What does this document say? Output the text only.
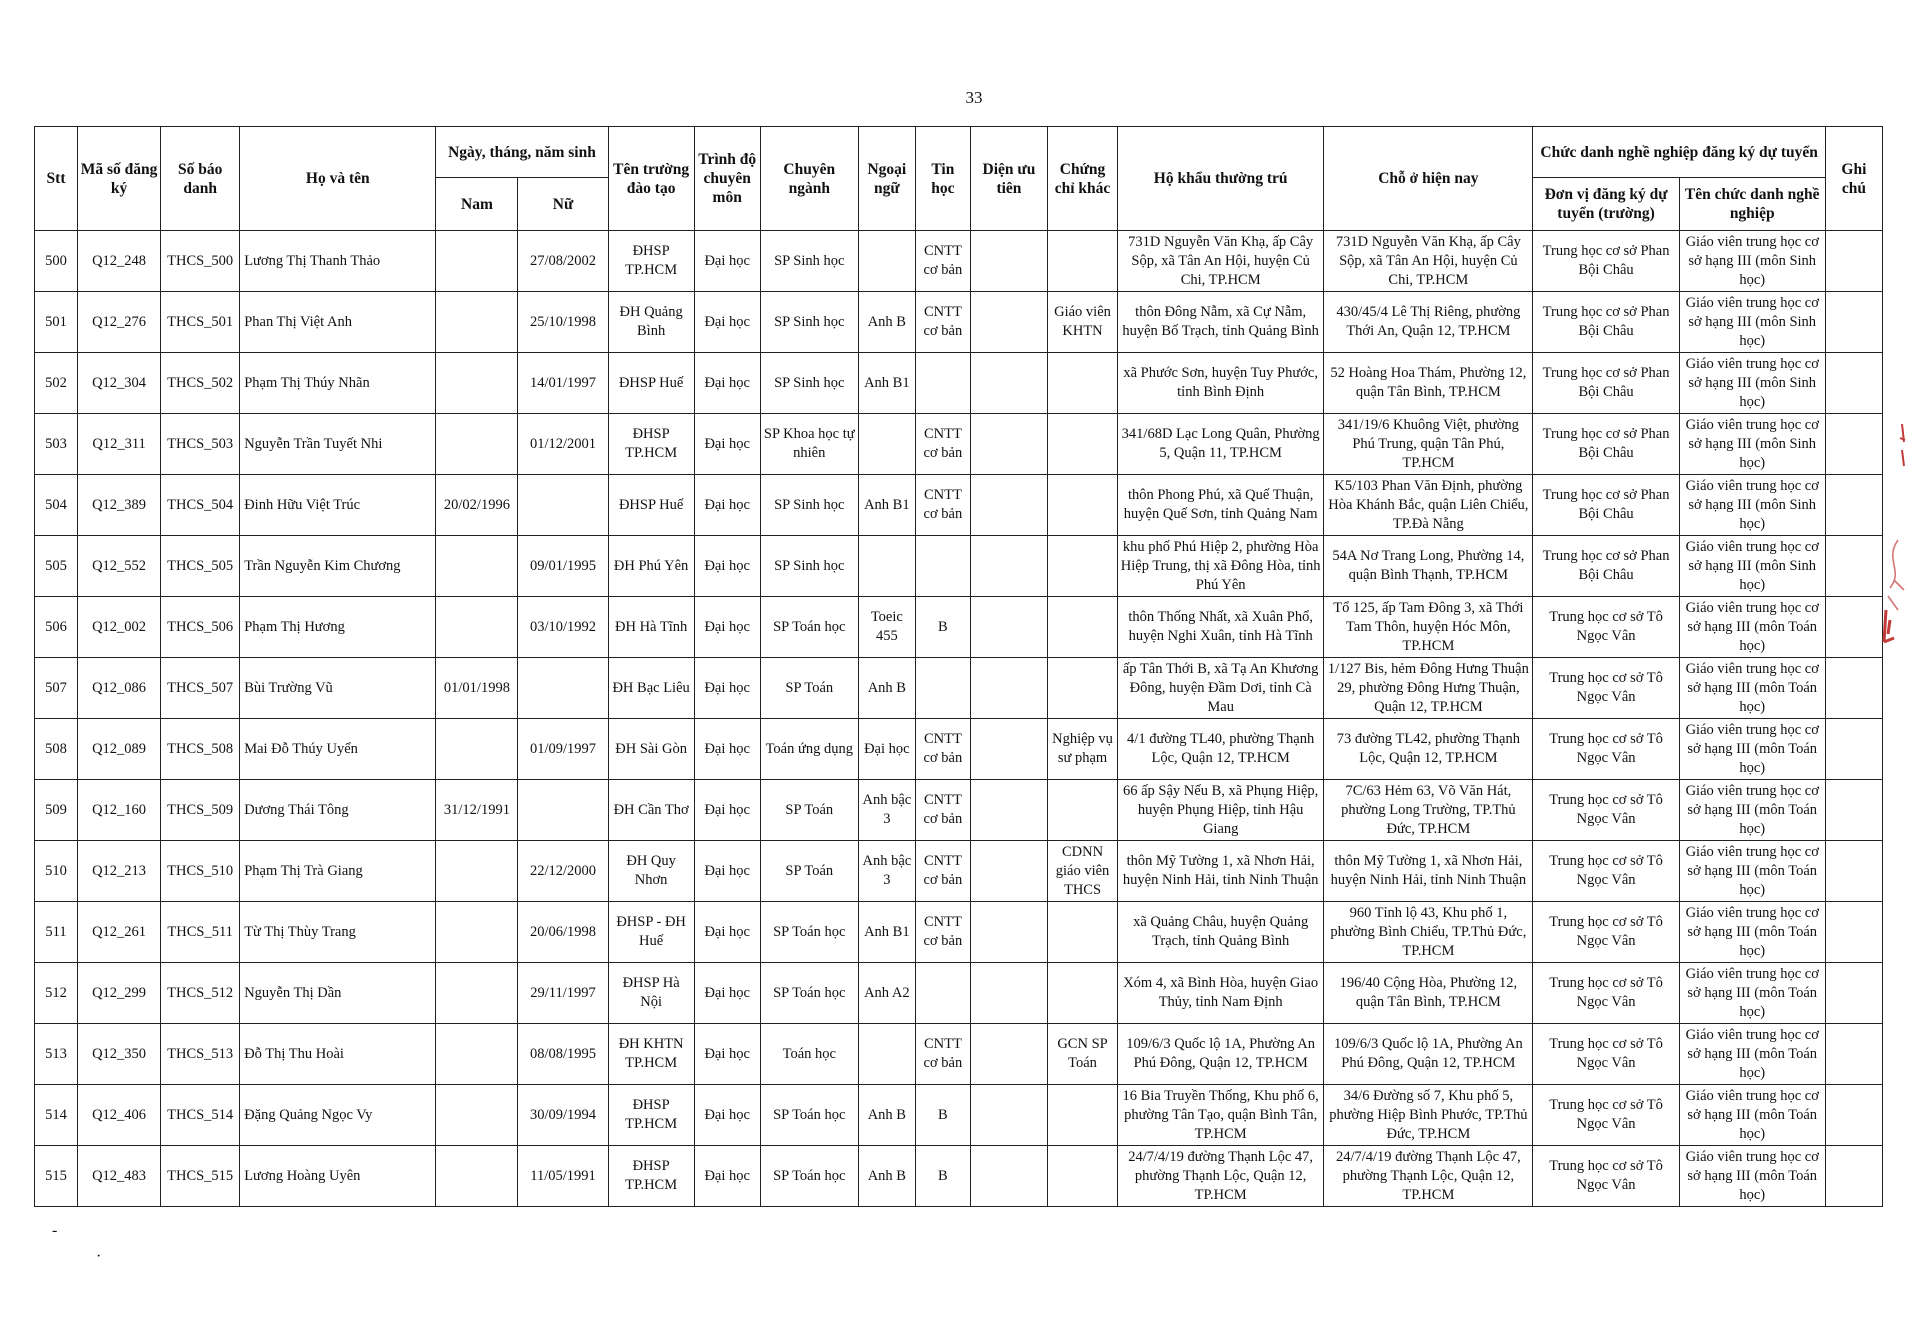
33
Stt	Mã số đăng ký	Số báo danh	Họ và tên	Ngày, tháng, năm sinh		Tên trường đào tạo	Trình độ chuyên môn	Chuyên ngành	Ngoại ngữ	Tin học	Diện ưu tiên	Chứng chỉ khác	Hộ khẩu thường trú	Chỗ ở hiện nay	Chức danh nghề nghiệp đăng ký dự tuyển		Ghi chú
				Nam	Nữ										Đơn vị đăng ký dự tuyển (trường)	Tên chức danh nghề nghiệp	
500	Q12_248	THCS_500	Lương Thị Thanh Thảo		27/08/2002	ĐHSP TP.HCM	Đại học	SP Sinh học		CNTT cơ bản			731D Nguyễn Văn Khạ, ấp Cây Sộp, xã Tân An Hội, huyện Củ Chi, TP.HCM	731D Nguyễn Văn Khạ, ấp Cây Sộp, xã Tân An Hội, huyện Củ Chi, TP.HCM	Trung học cơ sở Phan Bội Châu	Giáo viên trung học cơ sở hạng III (môn Sinh học)	
501	Q12_276	THCS_501	Phan Thị Việt Anh		25/10/1998	ĐH Quảng Bình	Đại học	SP Sinh học	Anh B	CNTT cơ bản		Giáo viên KHTN	thôn Đông Nẫm, xã Cự Nẫm, huyện Bố Trạch, tỉnh Quảng Bình	430/45/4 Lê Thị Riêng, phường Thới An, Quận 12, TP.HCM	Trung học cơ sở Phan Bội Châu	Giáo viên trung học cơ sở hạng III (môn Sinh học)	
502	Q12_304	THCS_502	Phạm Thị Thúy Nhãn		14/01/1997	ĐHSP Huế	Đại học	SP Sinh học	Anh B1				xã Phước Sơn, huyện Tuy Phước, tỉnh Bình Định	52 Hoàng Hoa Thám, Phường 12, quận Tân Bình, TP.HCM	Trung học cơ sở Phan Bội Châu	Giáo viên trung học cơ sở hạng III (môn Sinh học)	
503	Q12_311	THCS_503	Nguyễn Trần Tuyết Nhi		01/12/2001	ĐHSP TP.HCM	Đại học	SP Khoa học tự nhiên		CNTT cơ bản			341/68D Lạc Long Quân, Phường 5, Quận 11, TP.HCM	341/19/6 Khuông Việt, phường Phú Trung, quận Tân Phú, TP.HCM	Trung học cơ sở Phan Bội Châu	Giáo viên trung học cơ sở hạng III (môn Sinh học)	
504	Q12_389	THCS_504	Đinh Hữu Việt Trúc	20/02/1996		ĐHSP Huế	Đại học	SP Sinh học	Anh B1	CNTT cơ bản			thôn Phong Phú, xã Quế Thuận, huyện Quế Sơn, tỉnh Quảng Nam	K5/103 Phan Văn Định, phường Hòa Khánh Bắc, quận Liên Chiểu, TP.Đà Nẵng	Trung học cơ sở Phan Bội Châu	Giáo viên trung học cơ sở hạng III (môn Sinh học)	
505	Q12_552	THCS_505	Trần Nguyễn Kim Chương		09/01/1995	ĐH Phú Yên	Đại học	SP Sinh học					khu phố Phú Hiệp 2, phường Hòa Hiệp Trung, thị xã Đông Hòa, tỉnh Phú Yên	54A Nơ Trang Long, Phường 14, quận Bình Thạnh, TP.HCM	Trung học cơ sở Phan Bội Châu	Giáo viên trung học cơ sở hạng III (môn Sinh học)	
506	Q12_002	THCS_506	Phạm Thị Hương		03/10/1992	ĐH Hà Tĩnh	Đại học	SP Toán học	Toeic 455	B			thôn Thống Nhất, xã Xuân Phổ, huyện Nghi Xuân, tỉnh Hà Tĩnh	Tổ 125, ấp Tam Đông 3, xã Thới Tam Thôn, huyện Hóc Môn, TP.HCM	Trung học cơ sở Tô Ngọc Vân	Giáo viên trung học cơ sở hạng III (môn Toán học)	
507	Q12_086	THCS_507	Bùi Trường Vũ	01/01/1998		ĐH Bạc Liêu	Đại học	SP Toán	Anh B				ấp Tân Thới B, xã Tạ An Khương Đông, huyện Đầm Dơi, tỉnh Cà Mau	1/127 Bis, hẻm Đông Hưng Thuận 29, phường Đông Hưng Thuận, Quận 12, TP.HCM	Trung học cơ sở Tô Ngọc Vân	Giáo viên trung học cơ sở hạng III (môn Toán học)	
508	Q12_089	THCS_508	Mai Đỗ Thúy Uyển		01/09/1997	ĐH Sài Gòn	Đại học	Toán ứng dụng	Đại học	CNTT cơ bản		Nghiệp vụ sư phạm	4/1 đường TL40, phường Thạnh Lộc, Quận 12, TP.HCM	73 đường TL42, phường Thạnh Lộc, Quận 12, TP.HCM	Trung học cơ sở Tô Ngọc Vân	Giáo viên trung học cơ sở hạng III (môn Toán học)	
509	Q12_160	THCS_509	Dương Thái Tông	31/12/1991		ĐH Cần Thơ	Đại học	SP Toán	Anh bậc 3	CNTT cơ bản			66 ấp Sậy Nếu B, xã Phụng Hiệp, huyện Phụng Hiệp, tỉnh Hậu Giang	7C/63 Hẻm 63, Võ Văn Hát, phường Long Trường, TP.Thủ Đức, TP.HCM	Trung học cơ sở Tô Ngọc Vân	Giáo viên trung học cơ sở hạng III (môn Toán học)	
510	Q12_213	THCS_510	Phạm Thị Trà Giang		22/12/2000	ĐH Quy Nhơn	Đại học	SP Toán	Anh bậc 3	CNTT cơ bản		CDNN giáo viên THCS	thôn Mỹ Tường 1, xã Nhơn Hải, huyện Ninh Hải, tỉnh Ninh Thuận	thôn Mỹ Tường 1, xã Nhơn Hải, huyện Ninh Hải, tỉnh Ninh Thuận	Trung học cơ sở Tô Ngọc Vân	Giáo viên trung học cơ sở hạng III (môn Toán học)	
511	Q12_261	THCS_511	Từ Thị Thùy Trang		20/06/1998	ĐHSP - ĐH Huế	Đại học	SP Toán học	Anh B1	CNTT cơ bản			xã Quảng Châu, huyện Quảng Trạch, tỉnh Quảng Bình	960 Tỉnh lộ 43, Khu phố 1, phường Bình Chiểu, TP.Thủ Đức, TP.HCM	Trung học cơ sở Tô Ngọc Vân	Giáo viên trung học cơ sở hạng III (môn Toán học)	
512	Q12_299	THCS_512	Nguyễn Thị Dần		29/11/1997	ĐHSP Hà Nội	Đại học	SP Toán học	Anh A2				Xóm 4, xã Bình Hòa, huyện Giao Thủy, tỉnh Nam Định	196/40 Cộng Hòa, Phường 12, quận Tân Bình, TP.HCM	Trung học cơ sở Tô Ngọc Vân	Giáo viên trung học cơ sở hạng III (môn Toán học)	
513	Q12_350	THCS_513	Đỗ Thị Thu Hoài		08/08/1995	ĐH KHTN TP.HCM	Đại học	Toán học		CNTT cơ bản		GCN SP Toán	109/6/3 Quốc lộ 1A, Phường An Phú Đông, Quận 12, TP.HCM	109/6/3 Quốc lộ 1A, Phường An Phú Đông, Quận 12, TP.HCM	Trung học cơ sở Tô Ngọc Vân	Giáo viên trung học cơ sở hạng III (môn Toán học)	
514	Q12_406	THCS_514	Đặng Quảng Ngọc Vy		30/09/1994	ĐHSP TP.HCM	Đại học	SP Toán học	Anh B	B			16 Bia Truyền Thống, Khu phố 6, phường Tân Tạo, quận Bình Tân, TP.HCM	34/6 Đường số 7, Khu phố 5, phường Hiệp Bình Phước, TP.Thủ Đức, TP.HCM	Trung học cơ sở Tô Ngọc Vân	Giáo viên trung học cơ sở hạng III (môn Toán học)	
515	Q12_483	THCS_515	Lương Hoàng Uyên		11/05/1991	ĐHSP TP.HCM	Đại học	SP Toán học	Anh B	B			24/7/4/19 đường Thạnh Lộc 47, phường Thạnh Lộc, Quận 12, TP.HCM	24/7/4/19 đường Thạnh Lộc 47, phường Thạnh Lộc, Quận 12, TP.HCM	Trung học cơ sở Tô Ngọc Vân	Giáo viên trung học cơ sở hạng III (môn Toán học)	
-
·
